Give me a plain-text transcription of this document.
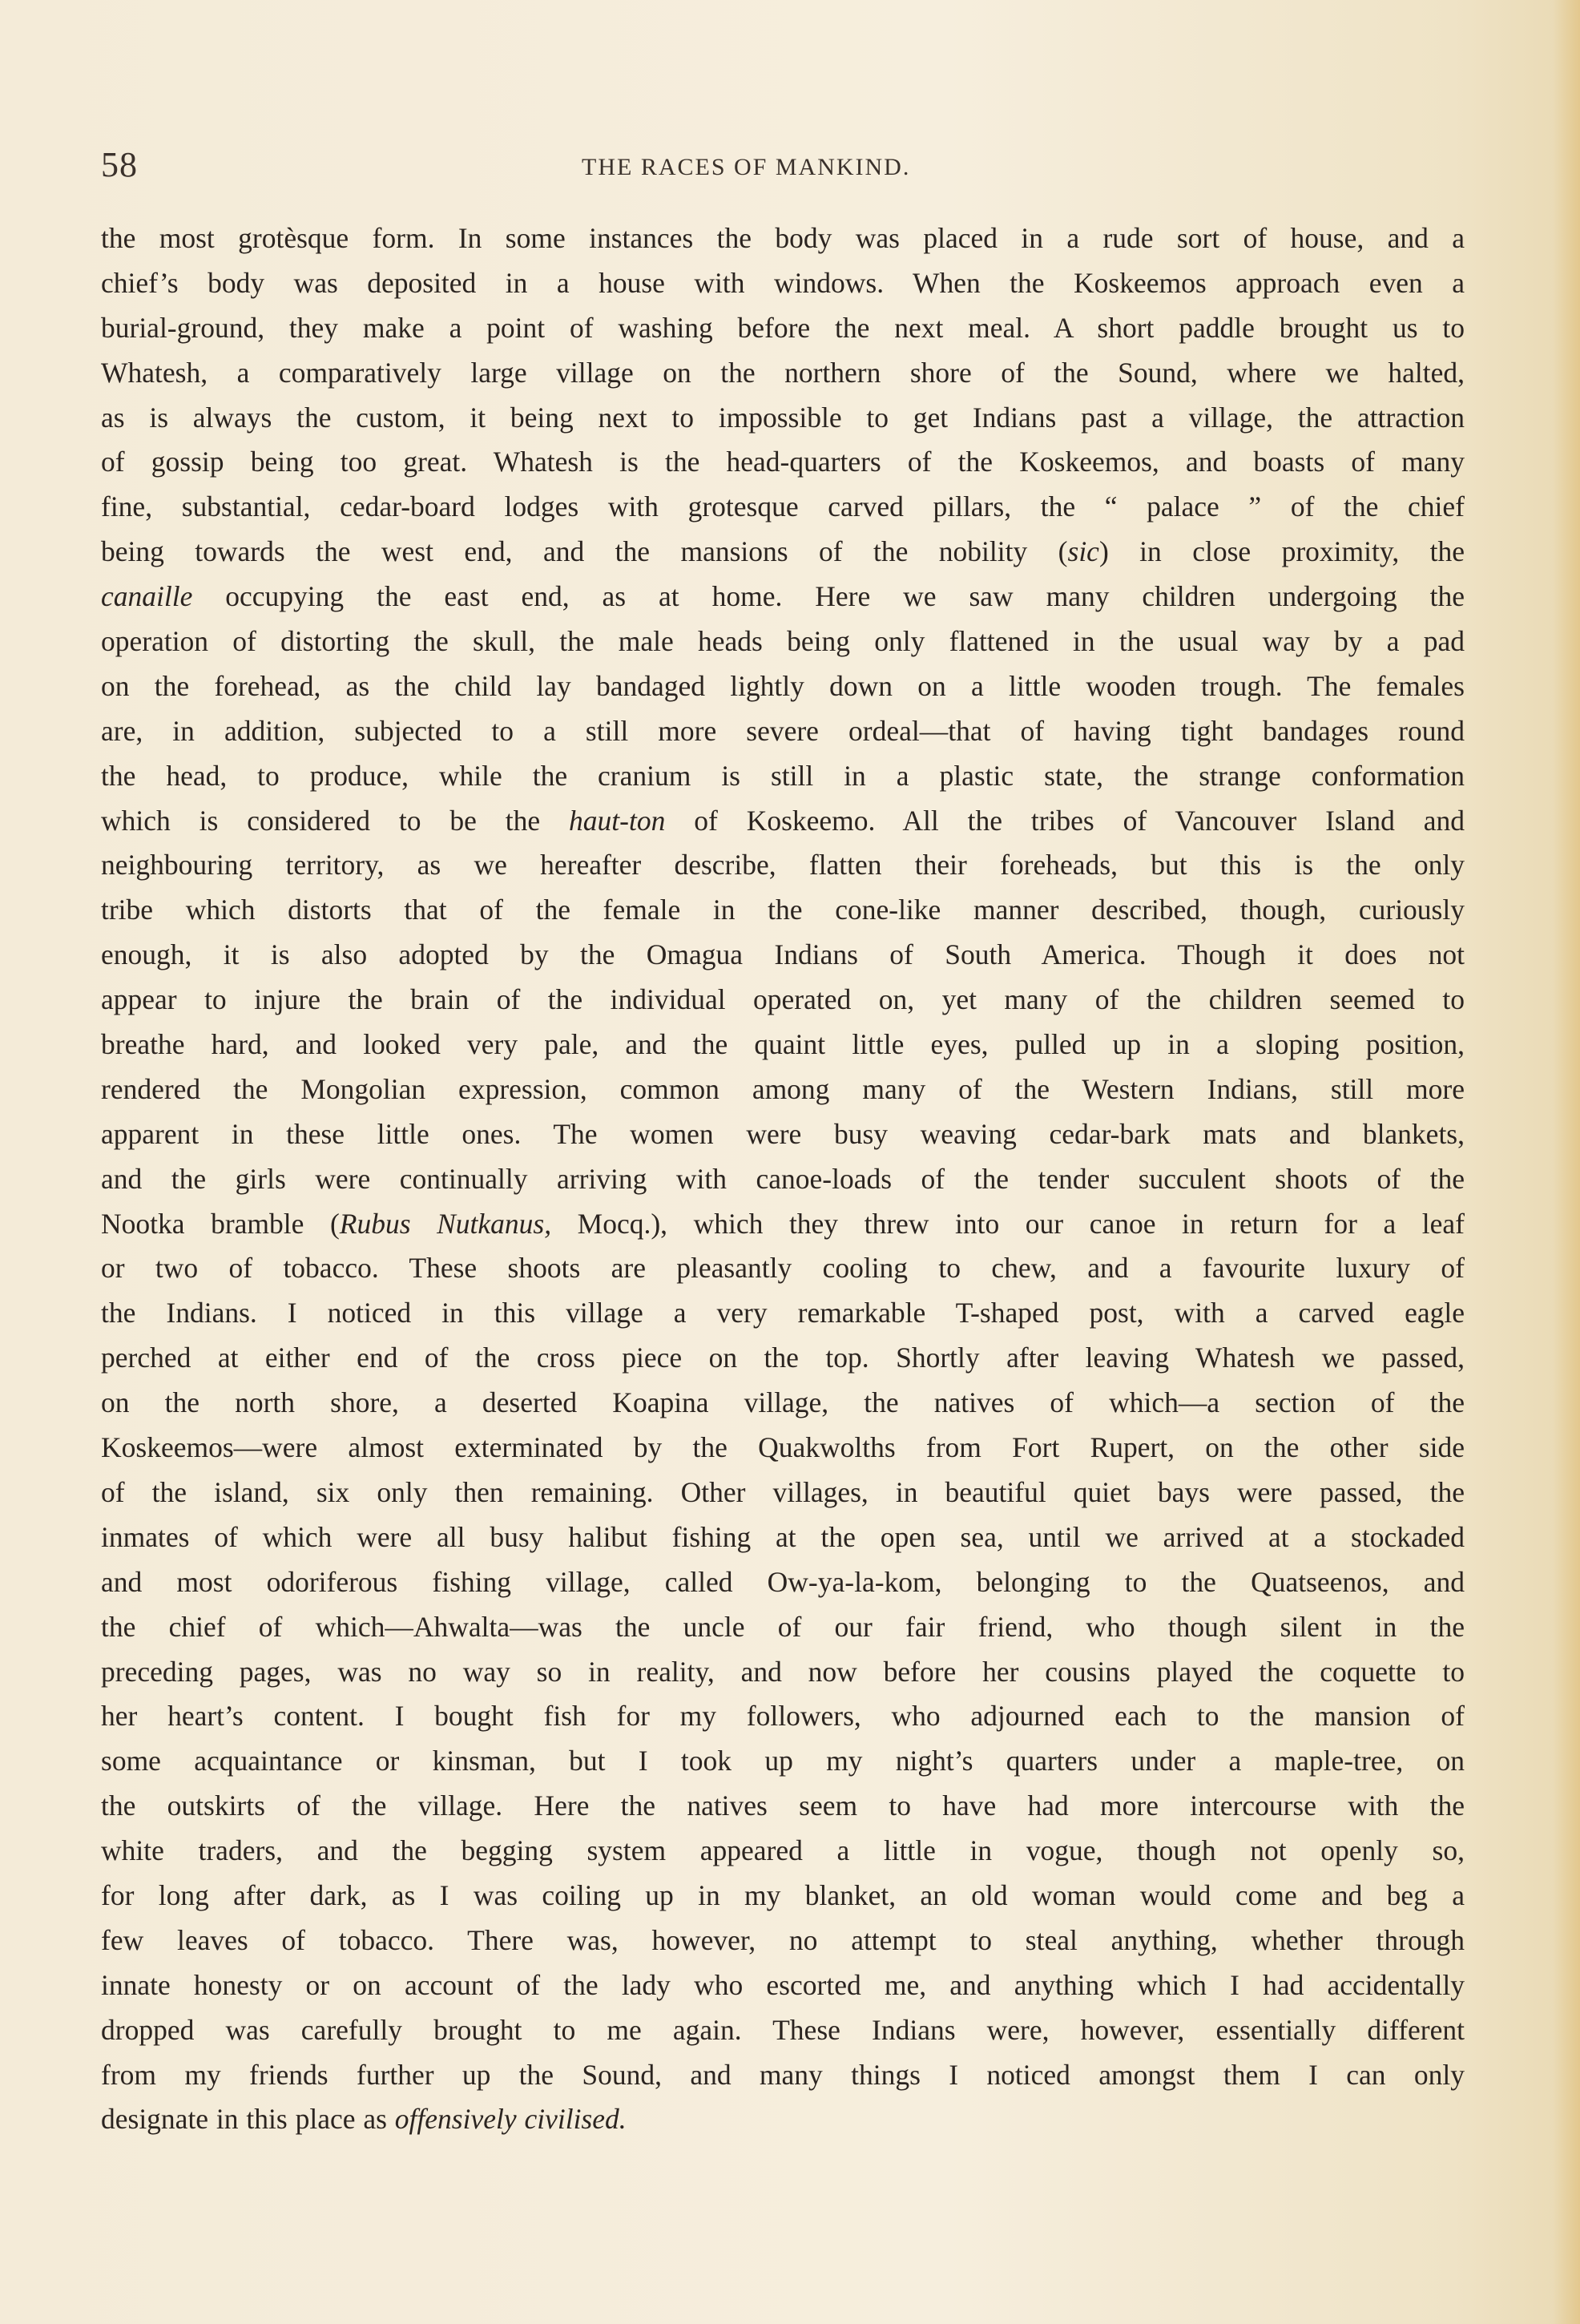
58	THE RACES OF MANKIND.
the most grotèsque form. In some instances the body was placed in a rude sort of house, and a
chief’s body was deposited in a house with windows. When the Koskeemos approach even a
burial-ground, they make a point of washing before the next meal. A short paddle brought us to
Whatesh, a comparatively large village on the northern shore of the Sound, where we halted,
as is always the custom, it being next to impossible to get Indians past a village, the attraction
of gossip being too great. Whatesh is the head-quarters of the Koskeemos, and boasts of many
fine, substantial, cedar-board lodges with grotesque carved pillars, the “ palace ” of the chief
being towards the west end, and the mansions of the nobility (sic) in close proximity, the
canaille occupying the east end, as at home. Here we saw many children undergoing the
operation of distorting the skull, the male heads being only flattened in the usual way by a pad
on the forehead, as the child lay bandaged lightly down on a little wooden trough. The females
are, in addition, subjected to a still more severe ordeal—that of having tight bandages round
the head, to produce, while the cranium is still in a plastic state, the strange conformation
which is considered to be the haut-ton of Koskeemo. All the tribes of Vancouver Island and
neighbouring territory, as we hereafter describe, flatten their foreheads, but this is the only
tribe which distorts that of the female in the cone-like manner described, though, curiously
enough, it is also adopted by the Omagua Indians of South America. Though it does not
appear to injure the brain of the individual operated on, yet many of the children seemed to
breathe hard, and looked very pale, and the quaint little eyes, pulled up in a sloping position,
rendered the Mongolian expression, common among many of the Western Indians, still more
apparent in these little ones. The women were busy weaving cedar-bark mats and blankets,
and the girls were continually arriving with canoe-loads of the tender succulent shoots of the
Nootka bramble (Rubus Nutkanus, Mocq.), which they threw into our canoe in return for a leaf
or two of tobacco. These shoots are pleasantly cooling to chew, and a favourite luxury of
the Indians. I noticed in this village a very remarkable T-shaped post, with a carved eagle
perched at either end of the cross piece on the top. Shortly after leaving Whatesh we passed,
on the north shore, a deserted Koapina village, the natives of which—a section of the
Koskeemos—were almost exterminated by the Quakwolths from Fort Rupert, on the other side
of the island, six only then remaining. Other villages, in beautiful quiet bays were passed, the
inmates of which were all busy halibut fishing at the open sea, until we arrived at a stockaded
and most odoriferous fishing village, called Ow-ya-la-kom, belonging to the Quatseenos, and
the chief of which—Ahwalta—was the uncle of our fair friend, who though silent in the
preceding pages, was no way so in reality, and now before her cousins played the coquette to
her heart’s content. I bought fish for my followers, who adjourned each to the mansion of
some acquaintance or kinsman, but I took up my night’s quarters under a maple-tree, on
the outskirts of the village. Here the natives seem to have had more intercourse with the
white traders, and the begging system appeared a little in vogue, though not openly so,
for long after dark, as I was coiling up in my blanket, an old woman would come and beg a
few leaves of tobacco. There was, however, no attempt to steal anything, whether through
innate honesty or on account of the lady who escorted me, and anything which I had accidentally
dropped was carefully brought to me again. These Indians were, however, essentially different
from my friends further up the Sound, and many things I noticed amongst them I can only
designate in this place as offensively civilised.
